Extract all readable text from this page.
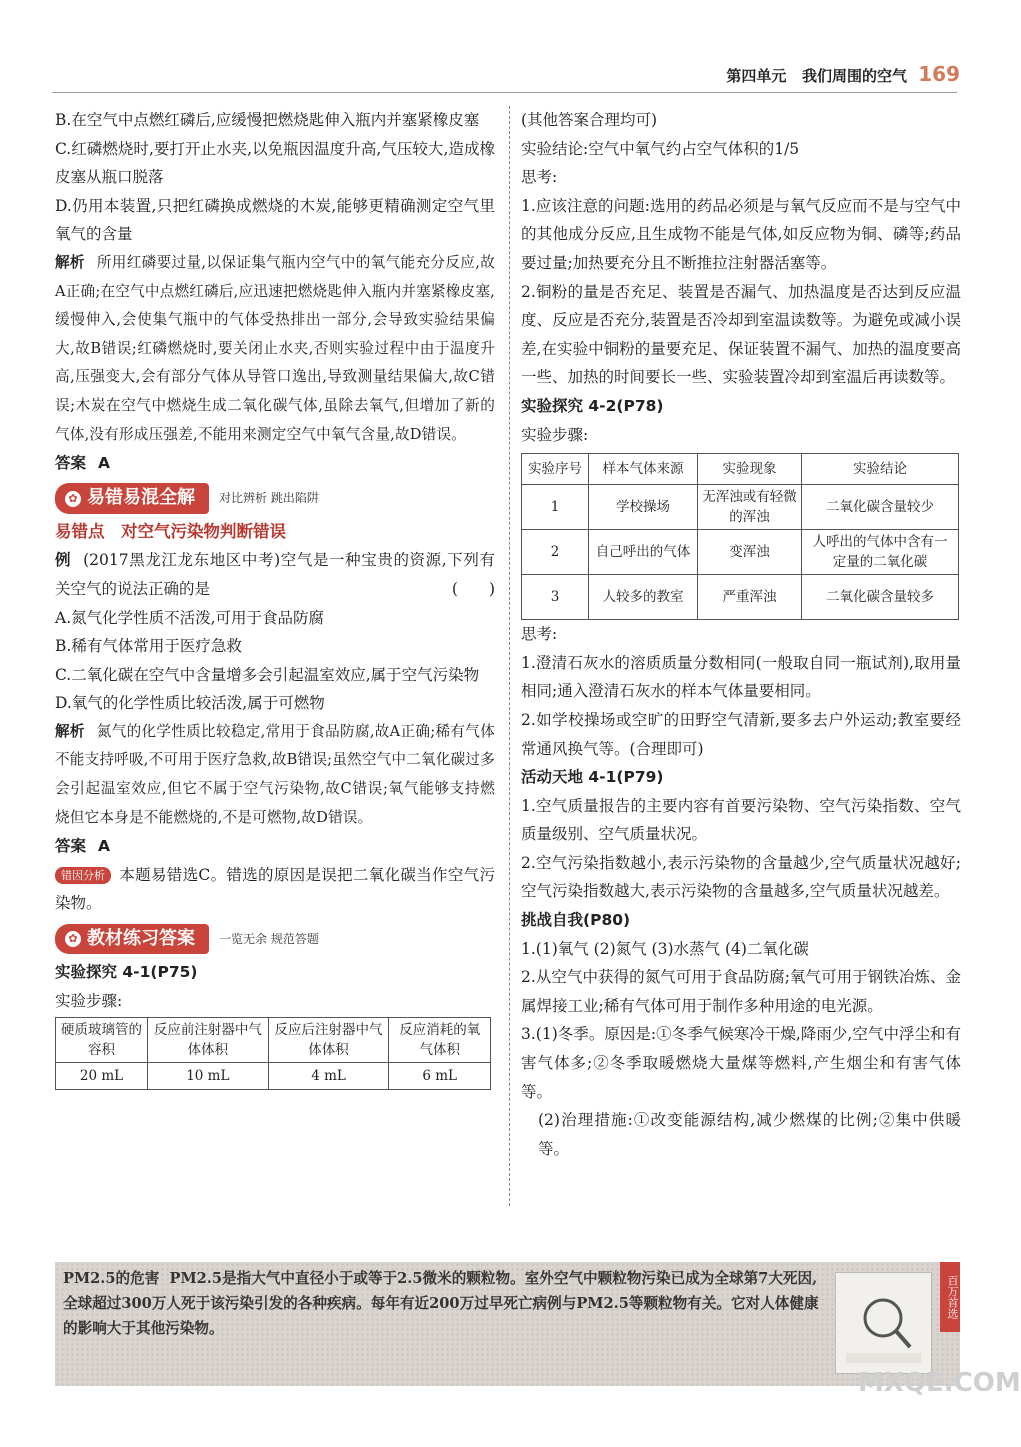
第四单元 我们周围的空气 169

B.在空气中点燃红磷后,应缓慢把燃烧匙伸入瓶内并塞紧橡皮塞

C.红磷燃烧时,要打开止水夹,以免瓶因温度升高,气压较大,造成橡皮塞从瓶口脱落

D.仍用本装置,只把红磷换成燃烧的木炭,能够更精确测定空气里氧气的含量

解析 所用红磷要过量,以保证集气瓶内空气中的氧气能充分反应,故A正确;在空气中点燃红磷后,应迅速把燃烧匙伸入瓶内并塞紧橡皮塞,缓慢伸入,会使集气瓶中的气体受热排出一部分,会导致实验结果偏大,故B错误;红磷燃烧时,要关闭止水夹,否则实验过程中由于温度升高,压强变大,会有部分气体从导管口逸出,导致测量结果偏大,故C错误;木炭在空气中燃烧生成二氧化碳气体,虽除去氧气,但增加了新的气体,没有形成压强差,不能用来测定空气中氧气含量,故D错误。

答案 A

✿ 易错易混全解 对比辨析 跳出陷阱

易错点　对空气污染物判断错误

例 (2017黑龙江龙东地区中考)空气是一种宝贵的资源,下列有关空气的说法正确的是	(　　)

A.氮气化学性质不活泼,可用于食品防腐

B.稀有气体常用于医疗急救

C.二氧化碳在空气中含量增多会引起温室效应,属于空气污染物

D.氧气的化学性质比较活泼,属于可燃物

解析 氮气的化学性质比较稳定,常用于食品防腐,故A正确;稀有气体不能支持呼吸,不可用于医疗急救,故B错误;虽然空气中二氧化碳过多会引起温室效应,但它不属于空气污染物,故C错误;氧气能够支持燃烧但它本身是不能燃烧的,不是可燃物,故D错误。

答案 A

错因分析 本题易错选C。错选的原因是误把二氧化碳当作空气污染物。

✿ 教材练习答案 一览无余 规范答题

实验探究 4-1(P75)

实验步骤:

硬质玻璃管的容积	反应前注射器中气体体积	反应后注射器中气体体积	反应消耗的氧气体积
20 mL	10 mL	4 mL	6 mL

(其他答案合理均可)

实验结论:空气中氧气约占空气体积的1/5

思考:

1.应该注意的问题:选用的药品必须是与氧气反应而不是与空气中的其他成分反应,且生成物不能是气体,如反应物为铜、磷等;药品要过量;加热要充分且不断推拉注射器活塞等。

2.铜粉的量是否充足、装置是否漏气、加热温度是否达到反应温度、反应是否充分,装置是否冷却到室温读数等。为避免或减小误差,在实验中铜粉的量要充足、保证装置不漏气、加热的温度要高一些、加热的时间要长一些、实验装置冷却到室温后再读数等。

实验探究 4-2(P78)

实验步骤:

实验序号	样本气体来源	实验现象	实验结论
1	学校操场	无浑浊或有轻微的浑浊	二氧化碳含量较少
2	自己呼出的气体	变浑浊	人呼出的气体中含有一定量的二氧化碳
3	人较多的教室	严重浑浊	二氧化碳含量较多

思考:

1.澄清石灰水的溶质质量分数相同(一般取自同一瓶试剂),取用量相同;通入澄清石灰水的样本气体量要相同。

2.如学校操场或空旷的田野空气清新,要多去户外运动;教室要经常通风换气等。(合理即可)

活动天地 4-1(P79)

1.空气质量报告的主要内容有首要污染物、空气污染指数、空气质量级别、空气质量状况。

2.空气污染指数越小,表示污染物的含量越少,空气质量状况越好;空气污染指数越大,表示污染物的含量越多,空气质量状况越差。

挑战自我(P80)

1.(1)氧气 (2)氮气 (3)水蒸气 (4)二氧化碳

2.从空气中获得的氮气可用于食品防腐;氧气可用于钢铁冶炼、金属焊接工业;稀有气体可用于制作多种用途的电光源。

3.(1)冬季。原因是:①冬季气候寒冷干燥,降雨少,空气中浮尘和有害气体多;②冬季取暖燃烧大量煤等燃料,产生烟尘和有害气体等。

(2)治理措施:①改变能源结构,减少燃煤的比例;②集中供暖等。

PM2.5的危害 PM2.5是指大气中直径小于或等于2.5微米的颗粒物。室外空气中颗粒物污染已成为全球第7大死因,全球超过300万人死于该污染引发的各种疾病。每年有近200万过早死亡病例与PM2.5等颗粒物有关。它对人体健康的影响大于其他污染物。
百万首选
MXQE.COM
